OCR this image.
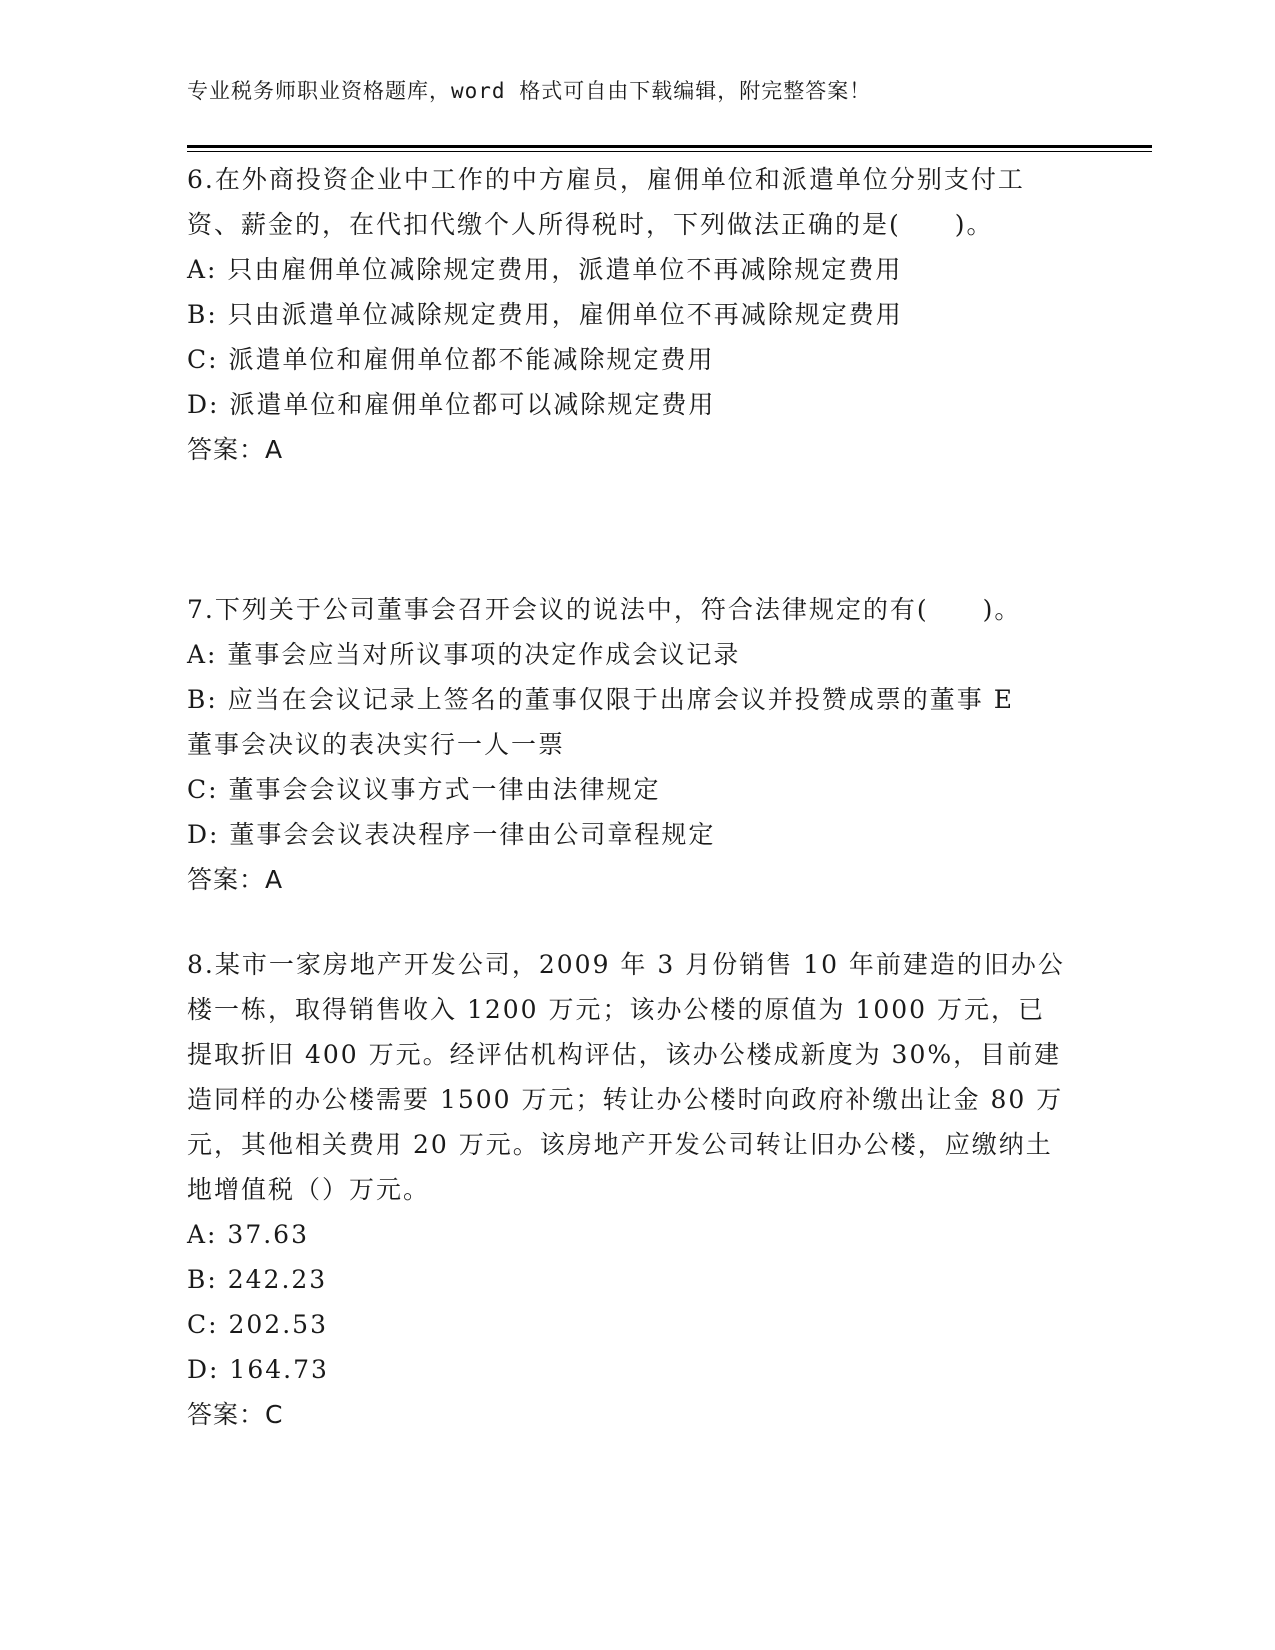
专业税务师职业资格题库，word 格式可自由下载编辑，附完整答案！
6.在外商投资企业中工作的中方雇员，雇佣单位和派遣单位分别支付工资、薪金的，在代扣代缴个人所得税时，下列做法正确的是(　　)。
A: 只由雇佣单位减除规定费用，派遣单位不再减除规定费用
B: 只由派遣单位减除规定费用，雇佣单位不再减除规定费用
C: 派遣单位和雇佣单位都不能减除规定费用
D: 派遣单位和雇佣单位都可以减除规定费用
答案：A
7.下列关于公司董事会召开会议的说法中，符合法律规定的有(　　)。
A: 董事会应当对所议事项的决定作成会议记录
B: 应当在会议记录上签名的董事仅限于出席会议并投赞成票的董事 E 董事会决议的表决实行一人一票
C: 董事会会议议事方式一律由法律规定
D: 董事会会议表决程序一律由公司章程规定
答案：A
8.某市一家房地产开发公司，2009 年 3 月份销售 10 年前建造的旧办公楼一栋，取得销售收入 1200 万元；该办公楼的原值为 1000 万元，已提取折旧 400 万元。经评估机构评估，该办公楼成新度为 30%，目前建造同样的办公楼需要 1500 万元；转让办公楼时向政府补缴出让金 80 万元，其他相关费用 20 万元。该房地产开发公司转让旧办公楼，应缴纳土地增值税（）万元。
A: 37.63
B: 242.23
C: 202.53
D: 164.73
答案：C
